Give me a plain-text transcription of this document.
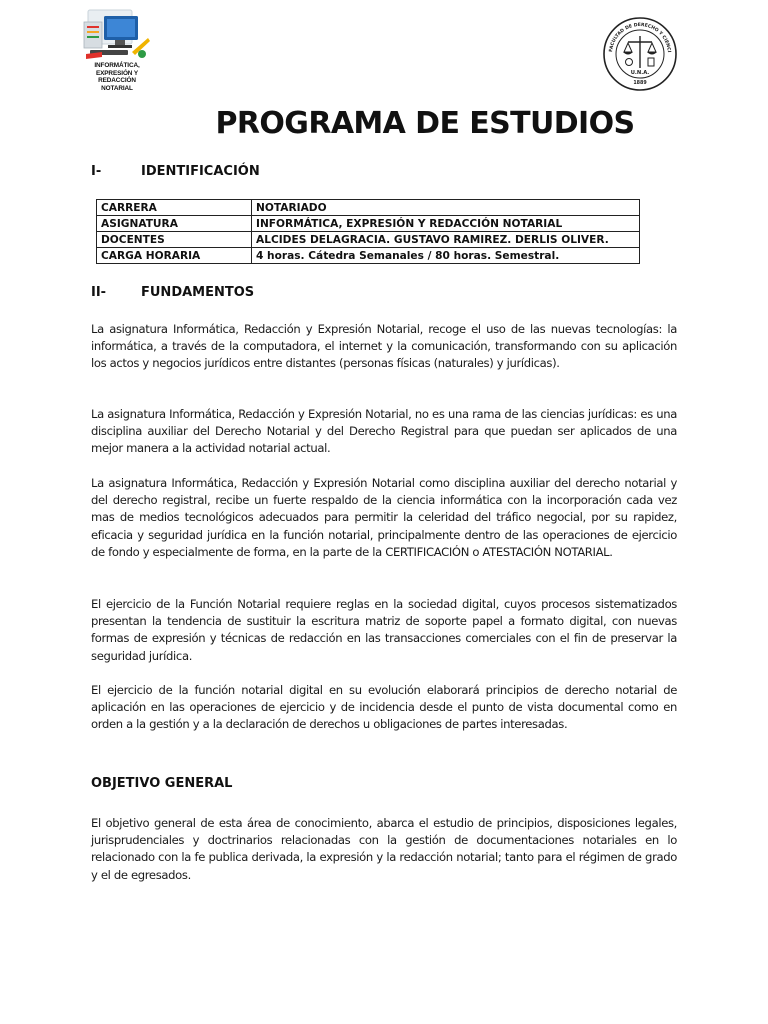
INFORMÁTICA,
EXPRESIÓN Y
REDACCIÓN
NOTARIAL
FACULTAD DE DERECHO Y CIENCI
U.N.A.
1889
PROGRAMA DE ESTUDIOS
I-	IDENTIFICACIÓN
CARRERA	NOTARIADO
ASIGNATURA	INFORMÁTICA, EXPRESIÓN Y REDACCIÓN NOTARIAL
DOCENTES	ALCIDES DELAGRACIA. GUSTAVO RAMIREZ. DERLIS OLIVER.
CARGA HORARIA	4 horas. Cátedra Semanales / 80 horas. Semestral.
II-	FUNDAMENTOS

La asignatura Informática, Redacción y Expresión Notarial, recoge el uso de las nuevas tecnologías: la informática, a través de la computadora, el internet y la comunicación, transformando con su aplicación los actos y negocios jurídicos entre distantes (personas físicas (naturales) y jurídicas).

La asignatura Informática, Redacción y Expresión Notarial, no es una rama de las ciencias jurídicas: es una disciplina auxiliar del Derecho Notarial y del Derecho Registral para que puedan ser aplicados de una mejor manera a la actividad notarial actual.

La asignatura Informática, Redacción y Expresión Notarial como disciplina auxiliar del derecho notarial y del derecho registral, recibe un fuerte respaldo de la ciencia informática con la incorporación cada vez mas de medios tecnológicos adecuados para permitir la celeridad del tráfico negocial, por su rapidez, eficacia y seguridad jurídica en la función notarial, principalmente dentro de las operaciones de ejercicio de fondo y especialmente de forma, en la parte de la CERTIFICACIÓN o ATESTACIÓN NOTARIAL.

El ejercicio de la Función Notarial requiere reglas en la sociedad digital, cuyos procesos sistematizados presentan la tendencia de sustituir la escritura matriz de soporte papel a formato digital, con nuevas formas de expresión y técnicas de redacción en las transacciones comerciales con el fin de preservar la seguridad jurídica.

El ejercicio de la función notarial digital en su evolución elaborará principios de derecho notarial de aplicación en las operaciones de ejercicio y de incidencia desde el punto de vista documental como en orden a la gestión y a la declaración de derechos u obligaciones de partes interesadas.

OBJETIVO GENERAL

El objetivo general de esta área de conocimiento, abarca el estudio de principios, disposiciones legales, jurisprudenciales y doctrinarios relacionadas con la gestión de documentaciones notariales en lo relacionado con la fe publica derivada, la expresión y la redacción notarial; tanto para el régimen de grado y el de egresados.
